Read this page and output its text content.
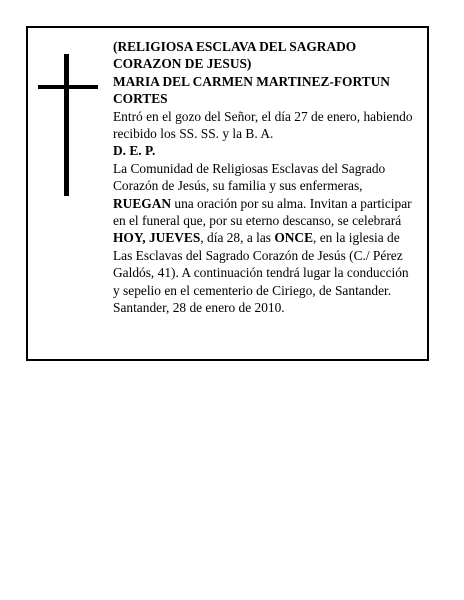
(RELIGIOSA ESCLAVA DEL SAGRADO
CORAZON DE JESUS)
MARIA DEL CARMEN MARTINEZ-FORTUN
CORTES
Entró en el gozo del Señor, el día 27 de enero, habiendo
recibido los SS. SS. y la B. A.
D. E. P.
La Comunidad de Religiosas Esclavas del Sagrado
Corazón de Jesús, su familia y sus enfermeras,
RUEGAN una oración por su alma. Invitan a participar
en el funeral que, por su eterno descanso, se celebrará
HOY, JUEVES, día 28, a las ONCE, en la iglesia de
Las Esclavas del Sagrado Corazón de Jesús (C./ Pérez
Galdós, 41). A continuación tendrá lugar la conducción
y sepelio en el cementerio de Ciriego, de Santander.
Santander, 28 de enero de 2010.
